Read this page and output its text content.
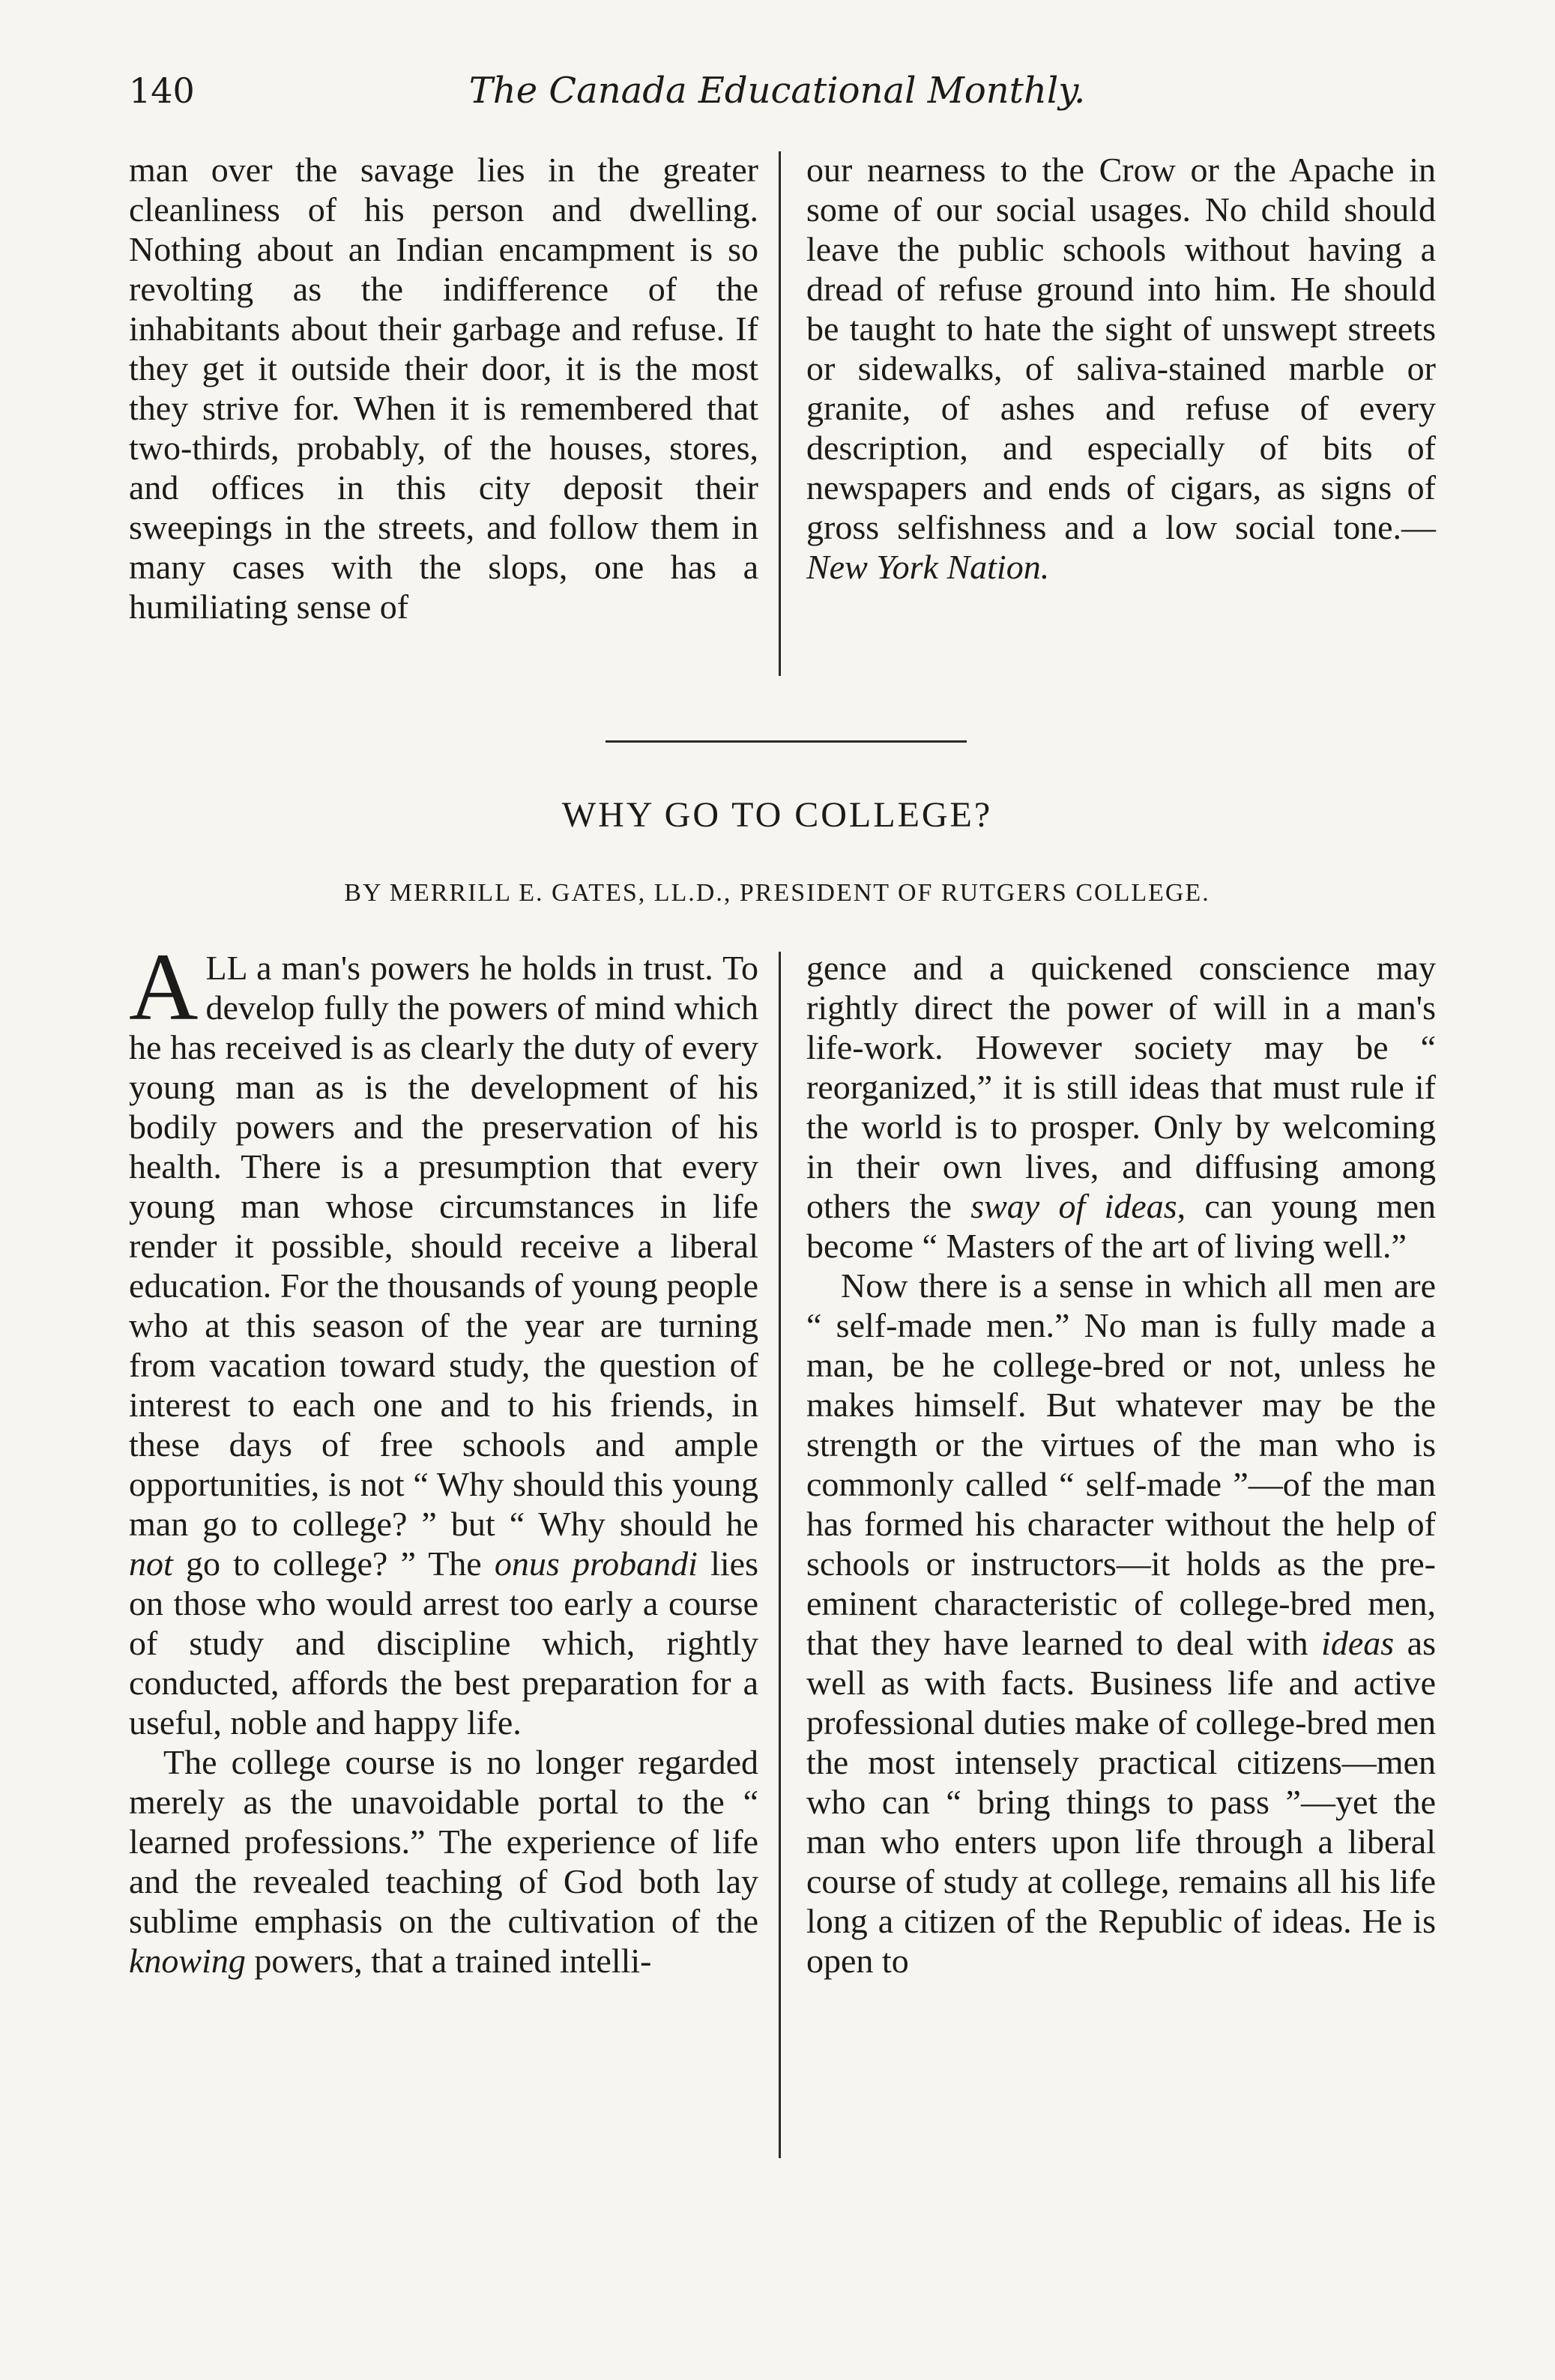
140	The Canada Educational Monthly.

man over the savage lies in the greater cleanliness of his person and dwelling. Nothing about an Indian encampment is so revolting as the indifference of the inhabitants about their garbage and refuse. If they get it outside their door, it is the most they strive for. When it is remembered that two-thirds, probably, of the houses, stores, and offices in this city deposit their sweepings in the streets, and follow them in many cases with the slops, one has a humiliating sense of

our nearness to the Crow or the Apache in some of our social usages. No child should leave the public schools without having a dread of refuse ground into him. He should be taught to hate the sight of unswept streets or sidewalks, of saliva-stained marble or granite, of ashes and refuse of every description, and especially of bits of newspapers and ends of cigars, as signs of gross selfishness and a low social tone.—New York Nation.

WHY GO TO COLLEGE?
BY MERRILL E. GATES, LL.D., PRESIDENT OF RUTGERS COLLEGE.

ALL a man's powers he holds in trust. To develop fully the powers of mind which he has received is as clearly the duty of every young man as is the development of his bodily powers and the preservation of his health. There is a presumption that every young man whose circumstances in life render it possible, should receive a liberal education. For the thousands of young people who at this season of the year are turning from vacation toward study, the question of interest to each one and to his friends, in these days of free schools and ample opportunities, is not “ Why should this young man go to college? ” but “ Why should he not go to college? ” The onus probandi lies on those who would arrest too early a course of study and discipline which, rightly conducted, affords the best preparation for a useful, noble and happy life.

The college course is no longer regarded merely as the unavoidable portal to the “ learned professions.” The experience of life and the revealed teaching of God both lay sublime emphasis on the cultivation of the knowing powers, that a trained intelli-

gence and a quickened conscience may rightly direct the power of will in a man's life-work. However society may be “ reorganized,” it is still ideas that must rule if the world is to prosper. Only by welcoming in their own lives, and diffusing among others the sway of ideas, can young men become “ Masters of the art of living well.”

Now there is a sense in which all men are “ self-made men.” No man is fully made a man, be he college-bred or not, unless he makes himself. But whatever may be the strength or the virtues of the man who is commonly called “ self-made ”—of the man has formed his character without the help of schools or instructors—it holds as the pre-eminent characteristic of college-bred men, that they have learned to deal with ideas as well as with facts. Business life and active professional duties make of college-bred men the most intensely practical citizens—men who can “ bring things to pass ”—yet the man who enters upon life through a liberal course of study at college, remains all his life long a citizen of the Republic of ideas. He is open to
